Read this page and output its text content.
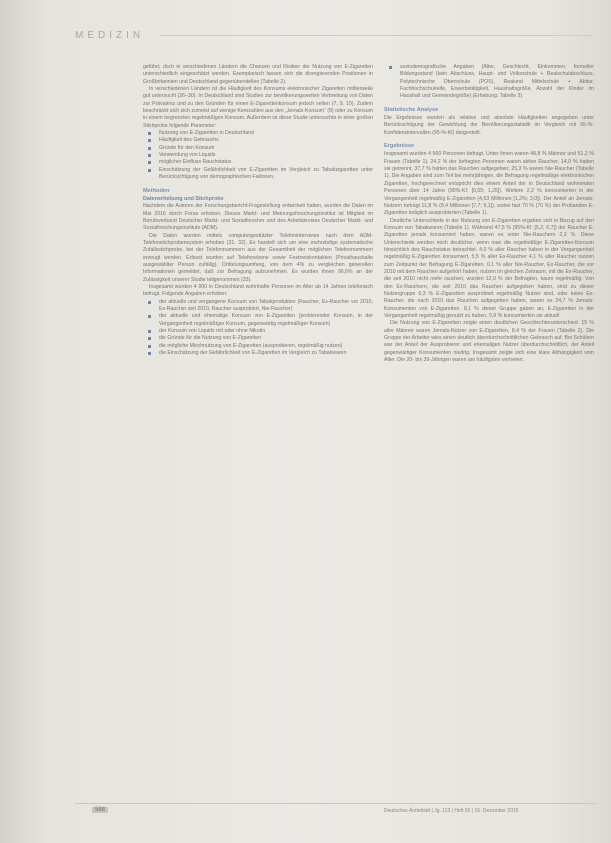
MEDIZIN

geführt, doch in verschiedenen Ländern die Chancen und Risiken der Nutzung von E-Zigaretten unterschiedlich eingeschätzt werden. Exemplarisch lassen sich die divergierenden Positionen in Großbritannien und Deutschland gegenüberstellen (Tabelle 2).

In verschiedenen Ländern ist die Häufigkeit des Konsums elektronischer Zigaretten mittlerweile gut untersucht (26–30). In Deutschland sind Studien zur bevölkerungsweiten Verbreitung von Daten zur Prävalenz und zu den Gründen für einen E-Zigarettenkonsum jedoch selten (7, 9, 10). Zudem beschränkt sich sich zumeist auf wenige Kernzahlen aus den „Jemals-Konsum“ (8) oder zu Konsum in einem begrenzten regelmäßigen Konsum. Außerdem ist diese Studie untersuchte in einer großen Stichprobe folgende Parameter:

Nutzung von E-Zigaretten in Deutschland
Häufigkeit des Gebrauchs
Gründe für den Konsum
Verwendung von Liquids
möglicher Einfluss Rauchstatus
Einschätzung der Gefährlichkeit von E-Zigaretten im Vergleich zu Tabakzigaretten unter Berücksichtigung von demographischen Faktoren.
Methoden
Datenerhebung und Stichprobe

Nachdem die Autoren der Forschungsbericht-Fragestellung entwickelt hatten, wurden die Daten im Mai 2016 durch Forsa erhoben. Dieses Markt- und Meinungsforschungsinstitut ist Mitglied im Berufsverband Deutscher Markt- und Sozialforscher und des Arbeitskreises Deutscher Markt- und Sozialforschungsinstitute (ADM).

Die Daten wurden mittels computergestützter Telefoninterviews nach dem ADM-Telefonstichprobensystem erhoben (31, 32). Es handelt sich um eine mehrstufige systematische Zufallsstichprobe, bei der Telefonnummern aus der Gesamtheit der möglichen Telefonnummern erzeugt werden. Erfasst wurden auf Telefonebene sowie Festnetzkontakten (Privathaushalte ausgewählter Person zufällig). Drittelungsumfang, von dem 4% zu vergleichen generellen Informationen gemeldet, daß zur Befragung aufzunehmen. Es wurden ihnen 96,6% an der Zulässigkeit unserer Studie teilgenommen (33).

Insgesamt wurden 4 900 in Deutschland wohnhafte Personen im Alter ab 14 Jahren telefonisch befragt. Folgende Angaben erhoben:

der aktuelle und vergangene Konsum von Tabakprodukten (Raucher, Ex-Raucher vor 2010, Ex-Raucher seit 2010, Raucher ausprobiert, Nie-Raucher)
der aktuelle und ehemalige Konsum von E-Zigaretten (probierender Konsum, in der Vergangenheit regelmäßiger Konsum, gegenwärtig regelmäßiger Konsum)
der Konsum von Liquids mit oder ohne Nikotin
die Gründe für die Nutzung von E-Zigaretten
die mögliche Mischnutzung von E-Zigaretten (ausprobieren, regelmäßig nutzen)
die Einschätzung der Gefährlichkeit von E-Zigaretten im Vergleich zu Tabakwaren
soziodemografische Angaben (Alter, Geschlecht, Einkommen, formeller Bildungsstand (kein Abschluss, Haupt- und Volksschule + Realschulabschluss, Polytechnische Oberschule (POS), Realund Mittelschule + Abitur, Fachhochschulreife, Erwerbstätigkeit, Haushaltsgröße, Anzahl der Kinder im Haushalt und Gemeindegröße) (Erhebung: Tabelle 3).
Statistische Analyse

Die Ergebnisse wurden als relative und absolute Häufigkeiten angegeben unter Berücksichtigung der Gewichtung der Bevölkerungsstatistik im Vergleich mit 95-%-Konfidenzintervallen (95-%-KI) dargestellt.

Ergebnisse

Insgesamt wurden 4 900 Personen befragt. Unter ihnen waren 48,8 % Männer und 51,2 % Frauen (Tabelle 1). 24,2 % der befragten Personen waren aktive Raucher, 14,0 % hatten sie getrennt, 37,7 % hatten das Rauchen aufgegeben; 25,3 % waren Nie-Raucher (Tabelle 1). Die Angaben sind zum Teil bei mehrjährigen, die Befragung regelmäßige elektronischen Zigaretten, hochgerechnet entspricht dies einem Anteil der in Deutschland wohnenden Personen über 14 Jahre (95%-KI: [0,55; 1,25]). Weitere 2,2 % konsumierten in der Vergangenheit regelmäßig E-Zigaretten (4,53 Millionen [1,2%; 3,0]). Der Anteil an Jemals-Nutzern beträgt 11,8 % (8,4 Millionen [7,7; 9,1]), wobei fast 70 % (70 %) der Probanden E-Zigaretten lediglich ausprobierten (Tabelle 1).

Deutliche Unterschiede in der Nutzung von E-Zigaretten ergaben sich in Bezug auf den Konsum von Tabakwaren (Tabelle 1). Während 47,5 % (95%-KI: [5,2; 6,7]) der Raucher E-Zigaretten jemals konsumiert haben, waren es unter Nie-Rauchern 2,3 %. Diese Unterschiede werden noch deutlicher, wenn man die regelmäßige E-Zigaretten-Konsum hinsichtlich des Rauchstatus betrachtet. 4,0 % aller Raucher haben in der Vergangenheit regelmäßig E-Zigaretten konsumiert, 5,5 % aller Ex-Raucher 4,1 % aller Raucher nutzen zum Zeitpunkt der Befragung E-Zigaretten. 0,1 % aller Nie-Raucher, Ex-Raucher, die vor 2010 mit dem Rauchen aufgehört haben, nutzen im gleichen Zeitraum, mit die Ex-Raucher, die seit 2010 nicht mehr rauchen, wurden 12,9 % der Befragten, kaum regelmäßig. Von den Ex-Rauchern, die seit 2010 das Rauchen aufgegeben haben, sind zu dieser Nutzergruppe 6,3 % E-Zigaretten ausprobiert regelmäßig Nutzer sind, oder keine Ex-Raucher, die nach 2010 das Rauchen aufgegeben haben, waren es 24,7 % Jemals-Konsumenten von E-Zigaretten. 8,1 % dieser Gruppe gaben an, E-Zigaretten in der Vergangenheit regelmäßig genutzt zu haben, 5,9 % konsumierten sie aktuell.

Die Nutzung von E-Zigaretten zeigte einen deutlichen Geschlechterunterschied. 15 % aller Männer waren Jemals-Nutzer von E-Zigaretten, 8,4 % der Frauen (Tabelle 2). Die Gruppe der Arbeiter wies einen deutlich überdurchschnittlichen Gebrauch auf. Bei Schülern war der Anteil der Ausprobierer und ehemaligen Nutzer überdurchschnittlich, der Anteil gegenwärtiger Konsumenten niedrig. Insgesamt zeigte sich eine klare Abhängigkeit vom Alter. Die 20- bis 39-Jährigen waren am häufigsten vertreten.

588	Deutsches Ärzteblatt | Jg. 113 | Heft 50 | 16. Dezember 2016
